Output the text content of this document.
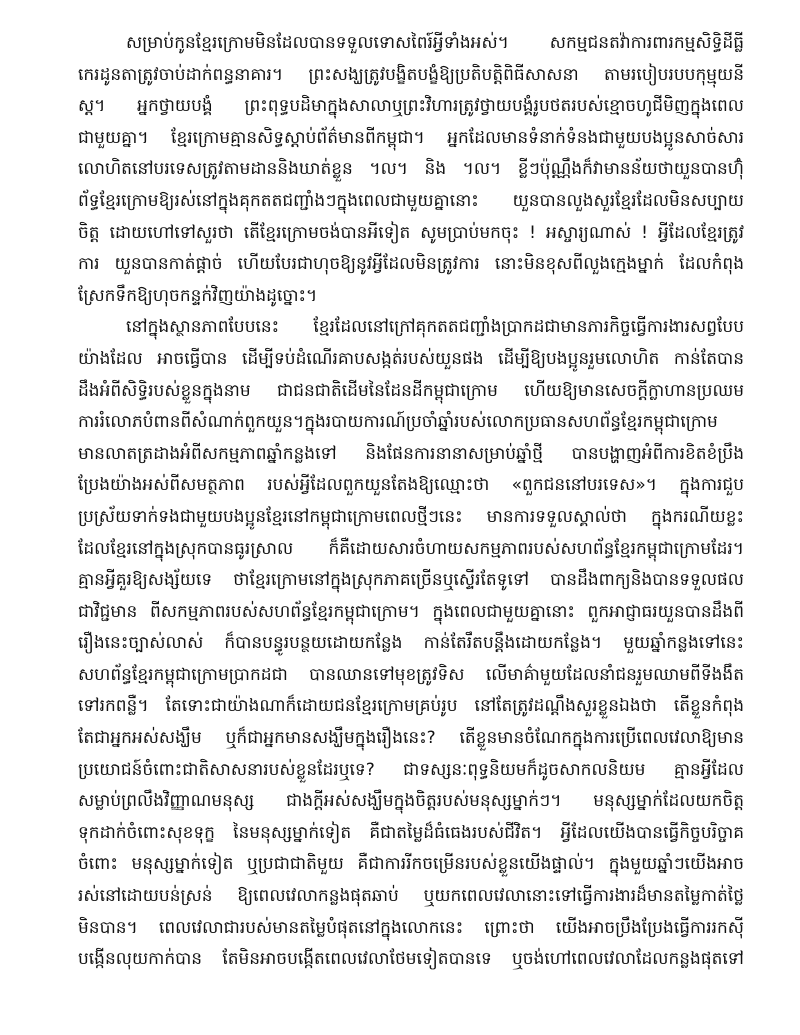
សម្រាប់កូនខ្មែរក្រោមមិនដែលបានទទួលទោសពៃរ៍អ្វីទាំងអស់។ សកម្មជនតវ៉ាការពារកម្មសិទ្ធិដីធ្លី
កេរដូនតាត្រូវចាប់ដាក់ពន្ធនាគារ។ ព្រះសង្ឃត្រូវបង្ខិតបង្ខំឱ្យប្រតិបត្តិពិធីសាសនា តាមរបៀបរបបកុម្មុយនី
ស្ដ។ អ្នកថ្វាយបង្គំ ព្រះពុទ្ធបដិមាក្នុងសាលាឬព្រះវិហារត្រូវថ្វាយបង្គំរូបថតរបស់ខ្មោចហូជីមិញក្នុងពេល
ជាមួយគ្នា។ ខ្មែរក្រោមគ្មានសិទ្ធស្ដាប់ព័ត៌មានពីកម្ពុជា។ អ្នកដែលមានទំនាក់ទំនងជាមួយបងប្អូនសាច់សារ
លោហិតនៅបរទេសត្រូវតាមដាននិងឃាត់ខ្លួន ។ល។ និង ។ល។ ខ្លីៗប៉ុណ្ណឹងក៏វាមានន័យថាយួនបានហ៊ុំ
ព័ទ្ធខ្មែរក្រោមឱ្យរស់នៅក្នុងគុកតតជញ្ជាំងៗក្នុងពេលជាមួយគ្នានោះ យួនបានលួងសួរខ្មែរដែលមិនសប្បាយ
ចិត្ត ដោយហៅទៅសួរថា តើខ្មែរក្រោមចង់បានអីទៀត សូមប្រាប់មកចុះ ! អស្ចារ្យណាស់ ! អ្វីដែលខ្មែរត្រូវ
ការ យួនបានកាត់ផ្ដាច់ ហើយបែរជាហុចឱ្យនូវអ្វីដែលមិនត្រូវការ នោះមិនខុសពីលួងក្មេងម្នាក់ ដែលកំពុង
ស្រែកទឹកឱ្យហុចកន្ទក់វិញយ៉ាងដូច្នោះ។
នៅក្នុងស្ថានភាពបែបនេះ ខ្មែរដែលនៅក្រៅគុកតតជញ្ជាំងប្រាកដជាមានភារកិច្ចធ្វើការងារសព្វបែប
យ៉ាងដែល អាចធ្វើបាន ដើម្បីទប់ដំណើរគាបសង្កត់របស់យួនផង ដើម្បីឱ្យបងប្អូនរួមលោហិត កាន់តែបាន
ដឹងអំពីសិទ្ធិរបស់ខ្លួនក្នុងនាម ជាជនជាតិដើមនៃដែនដីកម្ពុជាក្រោម ហើយឱ្យមានសេចក្ដីក្លាហានប្រឈម
ការរំលោភបំពានពីសំណាក់ពួកយួន។ក្នុងរបាយការណ៍ប្រចាំឆ្នាំរបស់លោកប្រធានសហព័ន្ធខ្មែរកម្ពុជាក្រោម
មានលាតត្រដាងអំពីសកម្មភាពឆ្នាំកន្លងទៅ និងផែនការនានាសម្រាប់ឆ្នាំថ្មី បានបង្ហាញអំពីការខិតខំប្រឹង
ប្រែងយ៉ាងអស់ពីសមត្ថភាព របស់អ្វីដែលពួកយួនតែងឱ្យឈ្មោះថា «ពួកជននៅបរទេស»។ ក្នុងការជួប
ប្រស្រ័យទាក់ទងជាមួយបងប្អូនខ្មែរនៅកម្ពុជាក្រោមពេលថ្មីៗនេះ មានការទទួលស្គាល់ថា ក្នុងករណីយខ្លះ
ដែលខ្មែរនៅក្នុងស្រុកបានធូរស្រាល ក៏គឺដោយសារចំហាយសកម្មភាពរបស់សហព័ន្ធខ្មែរកម្ពុជាក្រោមដែរ។
គ្មានអ្វីគួរឱ្យសង្ស័យទេ ថាខ្មែរក្រោមនៅក្នុងស្រុកភាគច្រើនឬស្ទើរតែទូទៅ បានដឹងពាក្យនិងបានទទួលផល
ជាវិជ្ជមាន ពីសកម្មភាពរបស់សហព័ន្ធខ្មែរកម្ពុជាក្រោម។ ក្នុងពេលជាមួយគ្នានោះ ពួកអាជ្ញាធរយួនបានដឹងពី
រឿងនេះច្បាស់លាស់ ក៏បានបន្ធូរបន្ថយដោយកន្លែង កាន់តែរឹតបន្តឹងដោយកន្លែង។ មួយឆ្នាំកន្លងទៅនេះ
សហព័ន្ធខ្មែរកម្ពុជាក្រោមប្រាកដជា បានឈានទៅមុខត្រូវទិស លើមាគ៌ាមួយដែលនាំជនរួមឈាមពីទីងងឹត
ទៅរកពន្លឺ។ តែទោះជាយ៉ាងណាក៏ដោយជនខ្មែរក្រោមគ្រប់រូប នៅតែត្រូវដណ្ដឹងសួរខ្លួនឯងថា តើខ្លួនកំពុង
តែជាអ្នកអស់សង្ឃឹម ឬក៏ជាអ្នកមានសង្ឃឹមក្នុងរឿងនេះ? តើខ្លួនមានចំណែកក្នុងការប្រើពេលវេលាឱ្យមាន
ប្រយោជន៍ចំពោះជាតិសាសនារបស់ខ្លួនដែរឬទេ? ជាទស្សនៈពុទ្ធនិយមក៏ដូចសាកលនិយម គ្មានអ្វីដែល
សម្លាប់ព្រលឹងវិញ្ញាណមនុស្ស ជាងក្ដីអស់សង្ឃឹមក្នុងចិត្តរបស់មនុស្សម្នាក់ៗ។ មនុស្សម្នាក់ដែលយកចិត្ត
ទុកដាក់ចំពោះសុខទុក្ខ នៃមនុស្សម្នាក់ទៀត គឺជាតម្លៃដ៏ធំធេងរបស់ជីវិត។ អ្វីដែលយើងបានធ្វើកិច្ចបរិច្ចាគ
ចំពោះ មនុស្សម្នាក់ទៀត ឬប្រជាជាតិមួយ គឺជាការរីកចម្រើនរបស់ខ្លួនយើងផ្ទាល់។ ក្នុងមួយឆ្នាំៗយើងអាច
រស់នៅដោយបន់ស្រន់ ឱ្យពេលវេលាកន្លងផុតឆាប់ ឬយកពេលវេលានោះទៅធ្វើការងារដ៏មានតម្លៃកាត់ថ្លៃ
មិនបាន។ ពេលវេលាជារបស់មានតម្លៃបំផុតនៅក្នុងលោកនេះ ព្រោះថា យើងអាចប្រឹងប្រែងធ្វើការរកស៊ី
បង្កើនលុយកាក់បាន តែមិនអាចបង្កើតពេលវេលាថែមទៀតបានទេ ឬចង់ហៅពេលវេលាដែលកន្លងផុតទៅ
